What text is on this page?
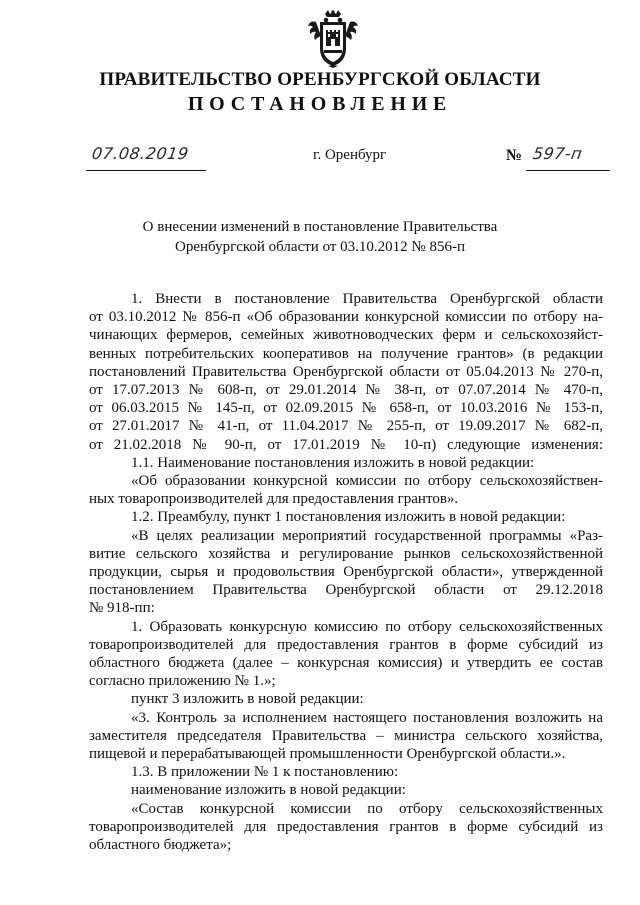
ПРАВИТЕЛЬСТВО ОРЕНБУРГСКОЙ ОБЛАСТИ
ПОСТАНОВЛЕНИЕ
07.08.2019	г. Оренбург	№ 597-п
О внесении изменений в постановление Правительства
Оренбургской области от 03.10.2012 № 856-п

1. Внести в постановление Правительства Оренбургской области

от 03.10.2012 № 856-п «Об образовании конкурсной комиссии по отбору на-

чинающих фермеров, семейных животноводческих ферм и сельскохозяйст-

венных потребительских кооперативов на получение грантов» (в редакции

постановлений Правительства Оренбургской области от 05.04.2013 № 270-п,

от 17.07.2013 № 608-п, от 29.01.2014 № 38-п, от 07.07.2014 № 470-п,

от 06.03.2015 № 145-п, от 02.09.2015 № 658-п, от 10.03.2016 № 153-п,

от 27.01.2017 № 41-п, от 11.04.2017 № 255-п, от 19.09.2017 № 682-п,

от 21.02.2018 № 90-п, от 17.01.2019 № 10-п) следующие изменения:

1.1. Наименование постановления изложить в новой редакции:

«Об образовании конкурсной комиссии по отбору сельскохозяйствен-

ных товаропроизводителей для предоставления грантов».

1.2. Преамбулу, пункт 1 постановления изложить в новой редакции:

«В целях реализации мероприятий государственной программы «Раз-

витие сельского хозяйства и регулирование рынков сельскохозяйственной

продукции, сырья и продовольствия Оренбургской области», утвержденной

постановлением Правительства Оренбургской области от 29.12.2018

№ 918-пп:

1. Образовать конкурсную комиссию по отбору сельскохозяйственных

товаропроизводителей для предоставления грантов в форме субсидий из

областного бюджета (далее – конкурсная комиссия) и утвердить ее состав

согласно приложению № 1.»;

пункт 3 изложить в новой редакции:

«3. Контроль за исполнением настоящего постановления возложить на

заместителя председателя Правительства – министра сельского хозяйства,

пищевой и перерабатывающей промышленности Оренбургской области.».

1.3. В приложении № 1 к постановлению:

наименование изложить в новой редакции:

«Состав конкурсной комиссии по отбору сельскохозяйственных

товаропроизводителей для предоставления грантов в форме субсидий из

областного бюджета»;
